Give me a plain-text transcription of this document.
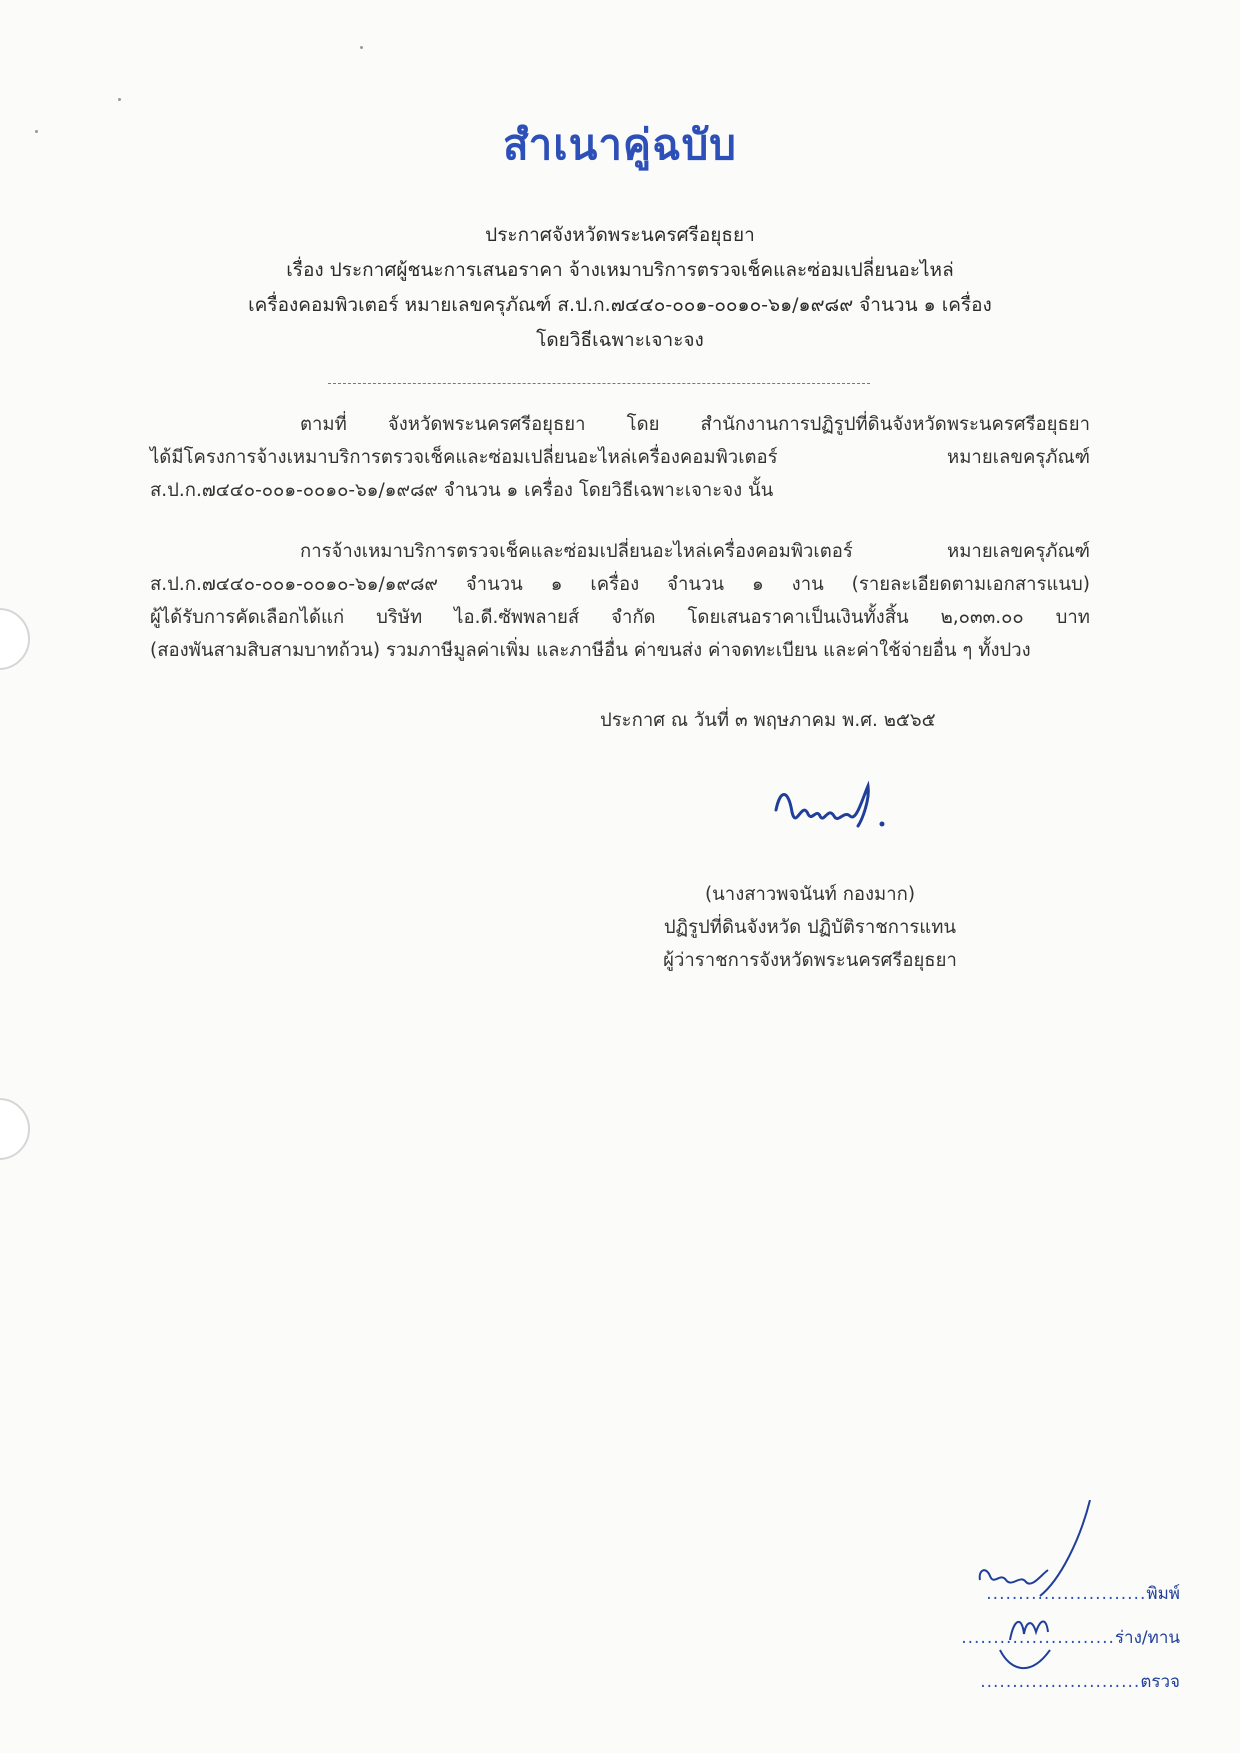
สำเนาคู่ฉบับ
ประกาศจังหวัดพระนครศรีอยุธยา
เรื่อง ประกาศผู้ชนะการเสนอราคา จ้างเหมาบริการตรวจเช็คและซ่อมเปลี่ยนอะไหล่
เครื่องคอมพิวเตอร์ หมายเลขครุภัณฑ์ ส.ป.ก.๗๔๔๐-๐๐๑-๐๐๑๐-๖๑/๑๙๘๙ จำนวน ๑ เครื่อง
โดยวิธีเฉพาะเจาะจง
ตามที่ จังหวัดพระนครศรีอยุธยา โดย สำนักงานการปฏิรูปที่ดินจังหวัดพระนครศรีอยุธยา
ได้มีโครงการจ้างเหมาบริการตรวจเช็คและซ่อมเปลี่ยนอะไหล่เครื่องคอมพิวเตอร์ หมายเลขครุภัณฑ์
ส.ป.ก.๗๔๔๐-๐๐๑-๐๐๑๐-๖๑/๑๙๘๙ จำนวน ๑ เครื่อง โดยวิธีเฉพาะเจาะจง นั้น
การจ้างเหมาบริการตรวจเช็คและซ่อมเปลี่ยนอะไหล่เครื่องคอมพิวเตอร์ หมายเลขครุภัณฑ์
ส.ป.ก.๗๔๔๐-๐๐๑-๐๐๑๐-๖๑/๑๙๘๙ จำนวน ๑ เครื่อง จำนวน ๑ งาน (รายละเอียดตามเอกสารแนบ)
ผู้ได้รับการคัดเลือกได้แก่ บริษัท ไอ.ดี.ซัพพลายส์ จำกัด โดยเสนอราคาเป็นเงินทั้งสิ้น ๒,๐๓๓.๐๐ บาท
(สองพันสามสิบสามบาทถ้วน) รวมภาษีมูลค่าเพิ่ม และภาษีอื่น ค่าขนส่ง ค่าจดทะเบียน และค่าใช้จ่ายอื่น ๆ ทั้งปวง
ประกาศ ณ วันที่ ๓ พฤษภาคม พ.ศ. ๒๕๖๕
(นางสาวพจนันท์ กองมาก)
ปฏิรูปที่ดินจังหวัด ปฏิบัติราชการแทน
ผู้ว่าราชการจังหวัดพระนครศรีอยุธยา
.........................พิมพ์
........................ร่าง/ทาน
.........................ตรวจ
